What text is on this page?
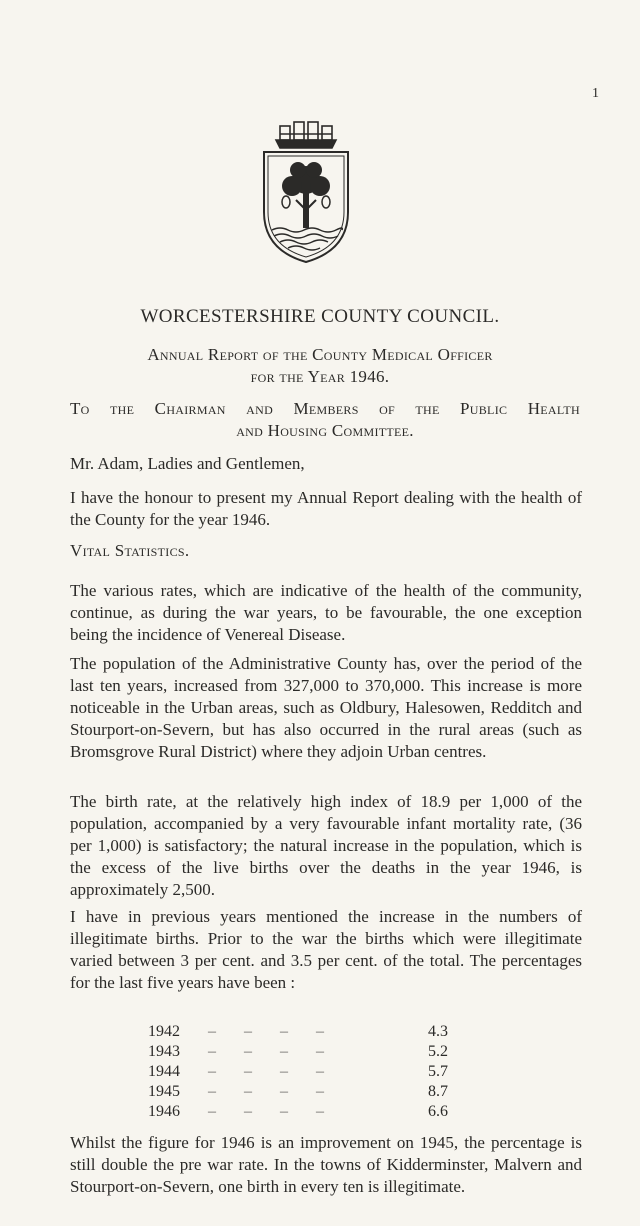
1
WORCESTERSHIRE COUNTY COUNCIL.
Annual Report of the County Medical Officer
for the Year 1946.
To the Chairman and Members of the Public Health
and Housing Committee.
Mr. Adam, Ladies and Gentlemen,

I have the honour to present my Annual Report dealing with the health of the County for the year 1946.

Vital Statistics.

The various rates, which are indicative of the health of the community, continue, as during the war years, to be favourable, the one exception being the incidence of Venereal Disease.

The population of the Administrative County has, over the period of the last ten years, increased from 327,000 to 370,000. This increase is more noticeable in the Urban areas, such as Oldbury, Halesowen, Redditch and Stourport-on-Severn, but has also occurred in the rural areas (such as Bromsgrove Rural District) where they adjoin Urban centres.

The birth rate, at the relatively high index of 18.9 per 1,000 of the population, accompanied by a very favourable infant mortality rate, (36 per 1,000) is satisfactory; the natural increase in the population, which is the excess of the live births over the deaths in the year 1946, is approximately 2,500.

I have in previous years mentioned the increase in the numbers of illegitimate births. Prior to the war the births which were illegitimate varied between 3 per cent. and 3.5 per cent. of the total. The percentages for the last five years have been :

1942	– – – –	4.3
1943	– – – –	5.2
1944	– – – –	5.7
1945	– – – –	8.7
1946	– – – –	6.6

Whilst the figure for 1946 is an improvement on 1945, the percentage is still double the pre war rate. In the towns of Kidderminster, Malvern and Stourport-on-Severn, one birth in every ten is illegitimate.
